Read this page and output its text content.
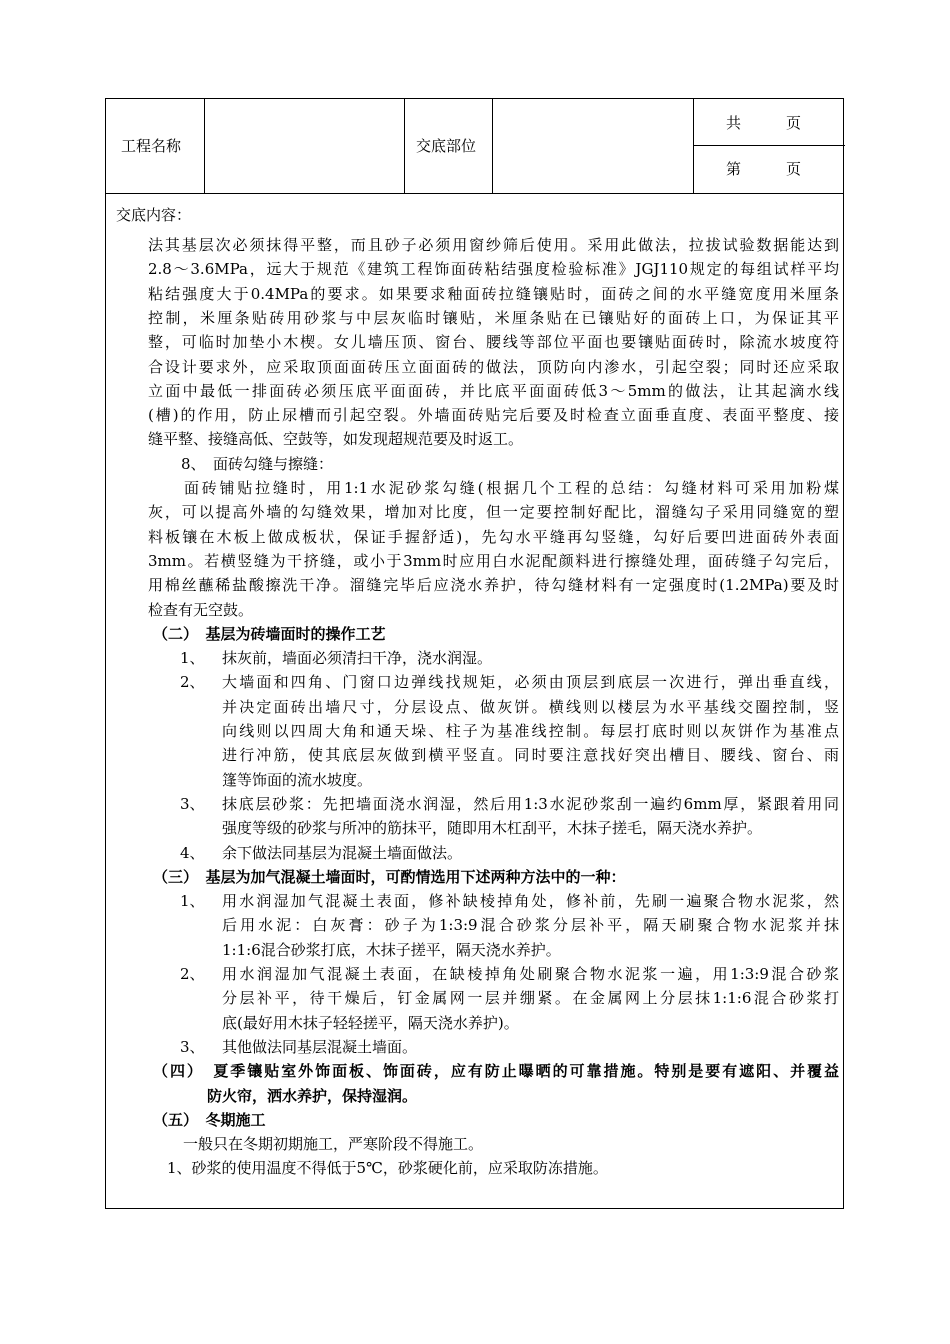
工程名称	交底部位
共　　　页
第　　　页
交底内容：
法其基层次必须抹得平整，而且砂子必须用窗纱筛后使用。采用此做法，拉拔试验数据能达到
2.8～3.6MPa，远大于规范《建筑工程饰面砖粘结强度检验标准》JGJ110规定的每组试样平均
粘结强度大于0.4MPa的要求。如果要求釉面砖拉缝镶贴时，面砖之间的水平缝宽度用米厘条
控制，米厘条贴砖用砂浆与中层灰临时镶贴，米厘条贴在已镶贴好的面砖上口，为保证其平
整，可临时加垫小木楔。女儿墙压顶、窗台、腰线等部位平面也要镶贴面砖时，除流水坡度符
合设计要求外，应采取顶面面砖压立面面砖的做法，顶防向内渗水，引起空裂；同时还应采取
立面中最低一排面砖必须压底平面面砖，并比底平面面砖低3～5mm的做法，让其起滴水线
(槽)的作用，防止尿槽而引起空裂。外墙面砖贴完后要及时检查立面垂直度、表面平整度、接
缝平整、接缝高低、空鼓等，如发现超规范要及时返工。
8、　面砖勾缝与擦缝：
面砖铺贴拉缝时，用1:1水泥砂浆勾缝(根据几个工程的总结：勾缝材料可采用加粉煤
灰，可以提高外墙的勾缝效果，增加对比度，但一定要控制好配比，溜缝勾子采用同缝宽的塑
料板镶在木板上做成板状，保证手握舒适)，先勾水平缝再勾竖缝，勾好后要凹进面砖外表面
3mm。若横竖缝为干挤缝，或小于3mm时应用白水泥配颜料进行擦缝处理，面砖缝子勾完后，
用棉丝蘸稀盐酸擦洗干净。溜缝完毕后应浇水养护，待勾缝材料有一定强度时(1.2MPa)要及时
检查有无空鼓。
（二）　基层为砖墙面时的操作工艺
1、 抹灰前，墙面必须清扫干净，浇水润湿。
2、 大墙面和四角、门窗口边弹线找规矩，必须由顶层到底层一次进行，弹出垂直线，
并决定面砖出墙尺寸，分层设点、做灰饼。横线则以楼层为水平基线交圈控制，竖
向线则以四周大角和通天垛、柱子为基准线控制。每层打底时则以灰饼作为基准点
进行冲筋，使其底层灰做到横平竖直。同时要注意找好突出槽目、腰线、窗台、雨
篷等饰面的流水坡度。
3、 抹底层砂浆：先把墙面浇水润湿，然后用1:3水泥砂浆刮一遍约6mm厚，紧跟着用同
强度等级的砂浆与所冲的筋抹平，随即用木杠刮平，木抹子搓毛，隔天浇水养护。
4、 余下做法同基层为混凝土墙面做法。
（三）　基层为加气混凝土墙面时，可酌情选用下述两种方法中的一种：
1、 用水润湿加气混凝土表面，修补缺棱掉角处，修补前，先刷一遍聚合物水泥浆，然
后用水泥：白灰膏：砂子为1:3:9混合砂浆分层补平，隔天刷聚合物水泥浆并抹
1:1:6混合砂浆打底，木抹子搓平，隔天浇水养护。
2、 用水润湿加气混凝土表面，在缺棱掉角处刷聚合物水泥浆一遍，用1:3:9混合砂浆
分层补平，待干燥后，钉金属网一层并绷紧。在金属网上分层抹1:1:6混合砂浆打
底(最好用木抹子轻轻搓平，隔天浇水养护)。
3、 其他做法同基层混凝土墙面。
（四）　夏季镶贴室外饰面板、饰面砖，应有防止曝晒的可靠措施。特别是要有遮阳、并覆益
防火帘，洒水养护，保持湿润。
（五）　冬期施工
一般只在冬期初期施工，严寒阶段不得施工。
1、砂浆的使用温度不得低于5℃，砂浆硬化前，应采取防冻措施。
